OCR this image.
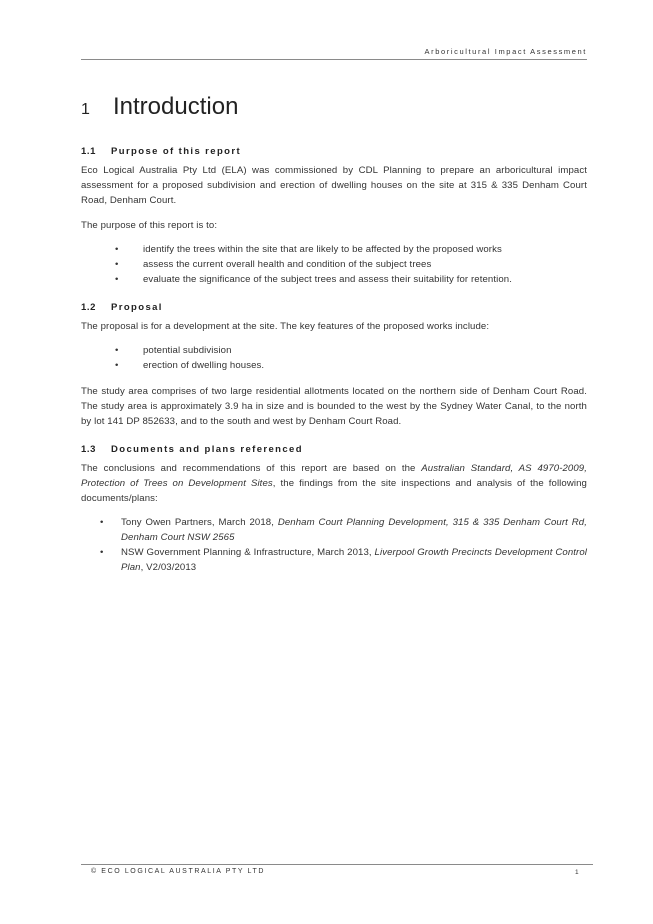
Arboricultural Impact Assessment
1 Introduction
1.1 Purpose of this report

Eco Logical Australia Pty Ltd (ELA) was commissioned by CDL Planning to prepare an arboricultural impact assessment for a proposed subdivision and erection of dwelling houses on the site at 315 & 335 Denham Court Road, Denham Court.

The purpose of this report is to:

• identify the trees within the site that are likely to be affected by the proposed works
• assess the current overall health and condition of the subject trees
• evaluate the significance of the subject trees and assess their suitability for retention.
1.2 Proposal

The proposal is for a development at the site. The key features of the proposed works include:

• potential subdivision
• erection of dwelling houses.

The study area comprises of two large residential allotments located on the northern side of Denham Court Road. The study area is approximately 3.9 ha in size and is bounded to the west by the Sydney Water Canal, to the north by lot 141 DP 852633, and to the south and west by Denham Court Road.

1.3 Documents and plans referenced

The conclusions and recommendations of this report are based on the Australian Standard, AS 4970-2009, Protection of Trees on Development Sites, the findings from the site inspections and analysis of the following documents/plans:

• Tony Owen Partners, March 2018, Denham Court Planning Development, 315 & 335 Denham Court Rd, Denham Court NSW 2565
• NSW Government Planning & Infrastructure, March 2013, Liverpool Growth Precincts Development Control Plan, V2/03/2013
© ECO LOGICAL AUSTRALIA PTY LTD	1
